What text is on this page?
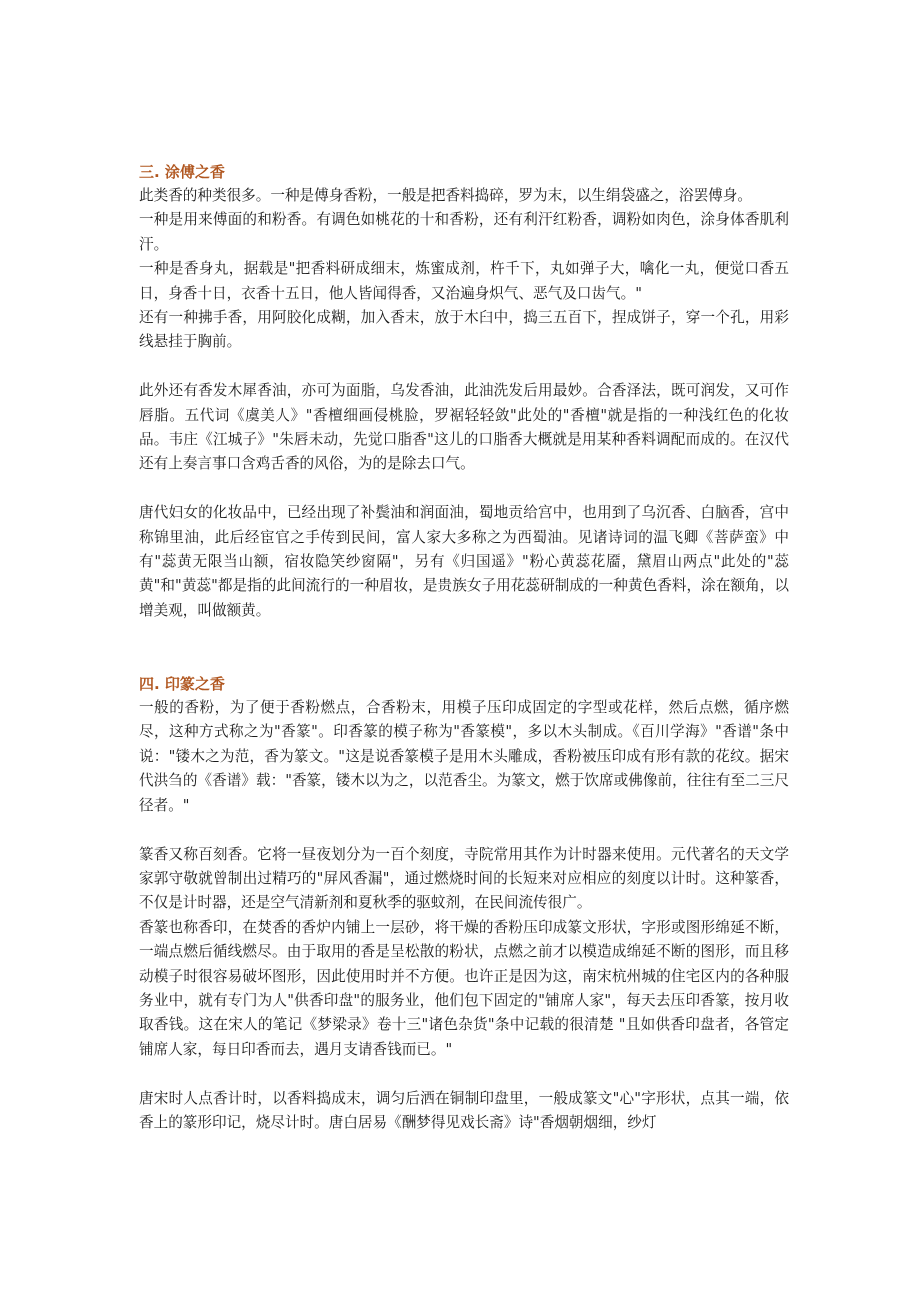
三. 涂傅之香

此类香的种类很多。一种是傅身香粉，一般是把香料捣碎，罗为末，以生绢袋盛之，浴罢傅身。

一种是用来傅面的和粉香。有调色如桃花的十和香粉，还有利汗红粉香，调粉如肉色，涂身体香肌利汗。

一种是香身丸，据载是"把香料研成细末，炼蜜成剂，杵千下，丸如弹子大，噙化一丸，便觉口香五日，身香十日，衣香十五日，他人皆闻得香，又治遍身炽气、恶气及口齿气。"

还有一种拂手香，用阿胶化成糊，加入香末，放于木臼中，捣三五百下，捏成饼子，穿一个孔，用彩线悬挂于胸前。

此外还有香发木犀香油，亦可为面脂，乌发香油，此油洗发后用最妙。合香泽法，既可润发，又可作唇脂。五代词《虞美人》"香檀细画侵桃脸，罗裾轻轻敛"此处的"香檀"就是指的一种浅红色的化妆品。韦庄《江城子》"朱唇未动，先觉口脂香"这儿的口脂香大概就是用某种香料调配而成的。在汉代还有上奏言事口含鸡舌香的风俗，为的是除去口气。

唐代妇女的化妆品中，已经出现了补鬓油和润面油，蜀地贡给宫中，也用到了乌沉香、白脑香，宫中称锦里油，此后经宦官之手传到民间，富人家大多称之为西蜀油。见诸诗词的温飞卿《菩萨蛮》中有"蕊黄无限当山额，宿妆隐笑纱窗隔"，另有《归国遥》"粉心黄蕊花靥，黛眉山两点"此处的"蕊黄"和"黄蕊"都是指的此间流行的一种眉妆，是贵族女子用花蕊研制成的一种黄色香料，涂在额角，以增美观，叫做额黄。

四. 印篆之香

一般的香粉，为了便于香粉燃点，合香粉末，用模子压印成固定的字型或花样，然后点燃，循序燃尽，这种方式称之为"香篆"。印香篆的模子称为"香篆模"，多以木头制成。《百川学海》"香谱"条中说："镂木之为范，香为篆文。"这是说香篆模子是用木头雕成，香粉被压印成有形有款的花纹。据宋代洪刍的《香谱》载："香篆，镂木以为之，以范香尘。为篆文，燃于饮席或佛像前，往往有至二三尺径者。"

篆香又称百刻香。它将一昼夜划分为一百个刻度，寺院常用其作为计时器来使用。元代著名的天文学家郭守敬就曾制出过精巧的"屏风香漏"，通过燃烧时间的长短来对应相应的刻度以计时。这种篆香，不仅是计时器，还是空气清新剂和夏秋季的驱蚊剂，在民间流传很广。

香篆也称香印，在焚香的香炉内铺上一层砂，将干燥的香粉压印成篆文形状，字形或图形绵延不断，一端点燃后循线燃尽。由于取用的香是呈松散的粉状，点燃之前才以模造成绵延不断的图形，而且移动模子时很容易破坏图形，因此使用时并不方便。也许正是因为这，南宋杭州城的住宅区内的各种服务业中，就有专门为人"供香印盘"的服务业，他们包下固定的"铺席人家"，每天去压印香篆，按月收取香钱。这在宋人的笔记《梦梁录》卷十三"诸色杂货"条中记载的很清楚 "且如供香印盘者，各管定铺席人家，每日印香而去，遇月支请香钱而已。"

唐宋时人点香计时，以香料捣成末，调匀后洒在铜制印盘里，一般成篆文"心"字形状，点其一端，依香上的篆形印记，烧尽计时。唐白居易《酬梦得见戏长斋》诗"香烟朝烟细，纱灯
